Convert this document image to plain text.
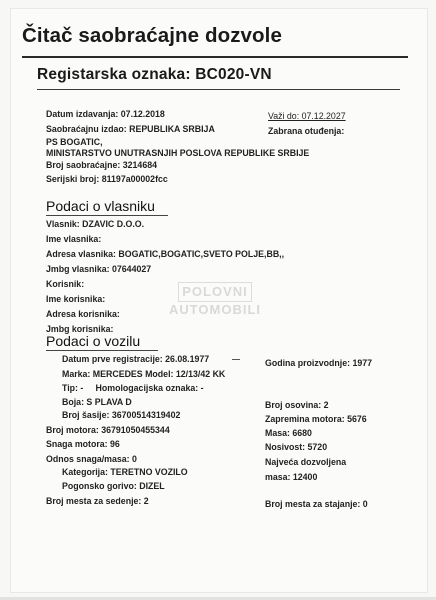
Čitač saobraćajne dozvole
Registarska oznaka: BC020-VN
Datum izdavanja: 07.12.2018	Važi do: 07.12.2027
Saobraćajnu izdao: REPUBLIKA SRBIJA	Zabrana otuđenja:
PS BOGATIC,
MINISTARSTVO UNUTRASNJIH POSLOVA REPUBLIKE SRBIJE
Broj saobraćajne: 3214684
Serijski broj: 81197a00002fcc
Podaci o vlasniku
Vlasnik: DZAVIC D.O.O.
Ime vlasnika:
Adresa vlasnika: BOGATIC,BOGATIC,SVETO POLJE,BB,,
Jmbg vlasnika: 07644027
Korisnik:
Ime korisnika:
Adresa korisnika:
Jmbg korisnika:
POLOVNI
AUTOMOBILI
Podaci o vozilu
Datum prve registracije: 26.08.1977	Godina proizvodnje: 1977
Marka: MERCEDES Model: 12/13/42 KK
Tip: -     Homologacijska oznaka: -
Boja: S PLAVA D	Broj osovina: 2
Broj šasije: 36700514319402	Zapremina motora: 5676
Broj motora: 36791050455344	Masa: 6680
Snaga motora: 96	Nosivost: 5720
Odnos snaga/masa: 0	Najveća dozvoljena
Kategorija: TERETNO VOZILO	masa: 12400
Pogonsko gorivo: DIZEL
Broj mesta za sedenje: 2	Broj mesta za stajanje: 0
